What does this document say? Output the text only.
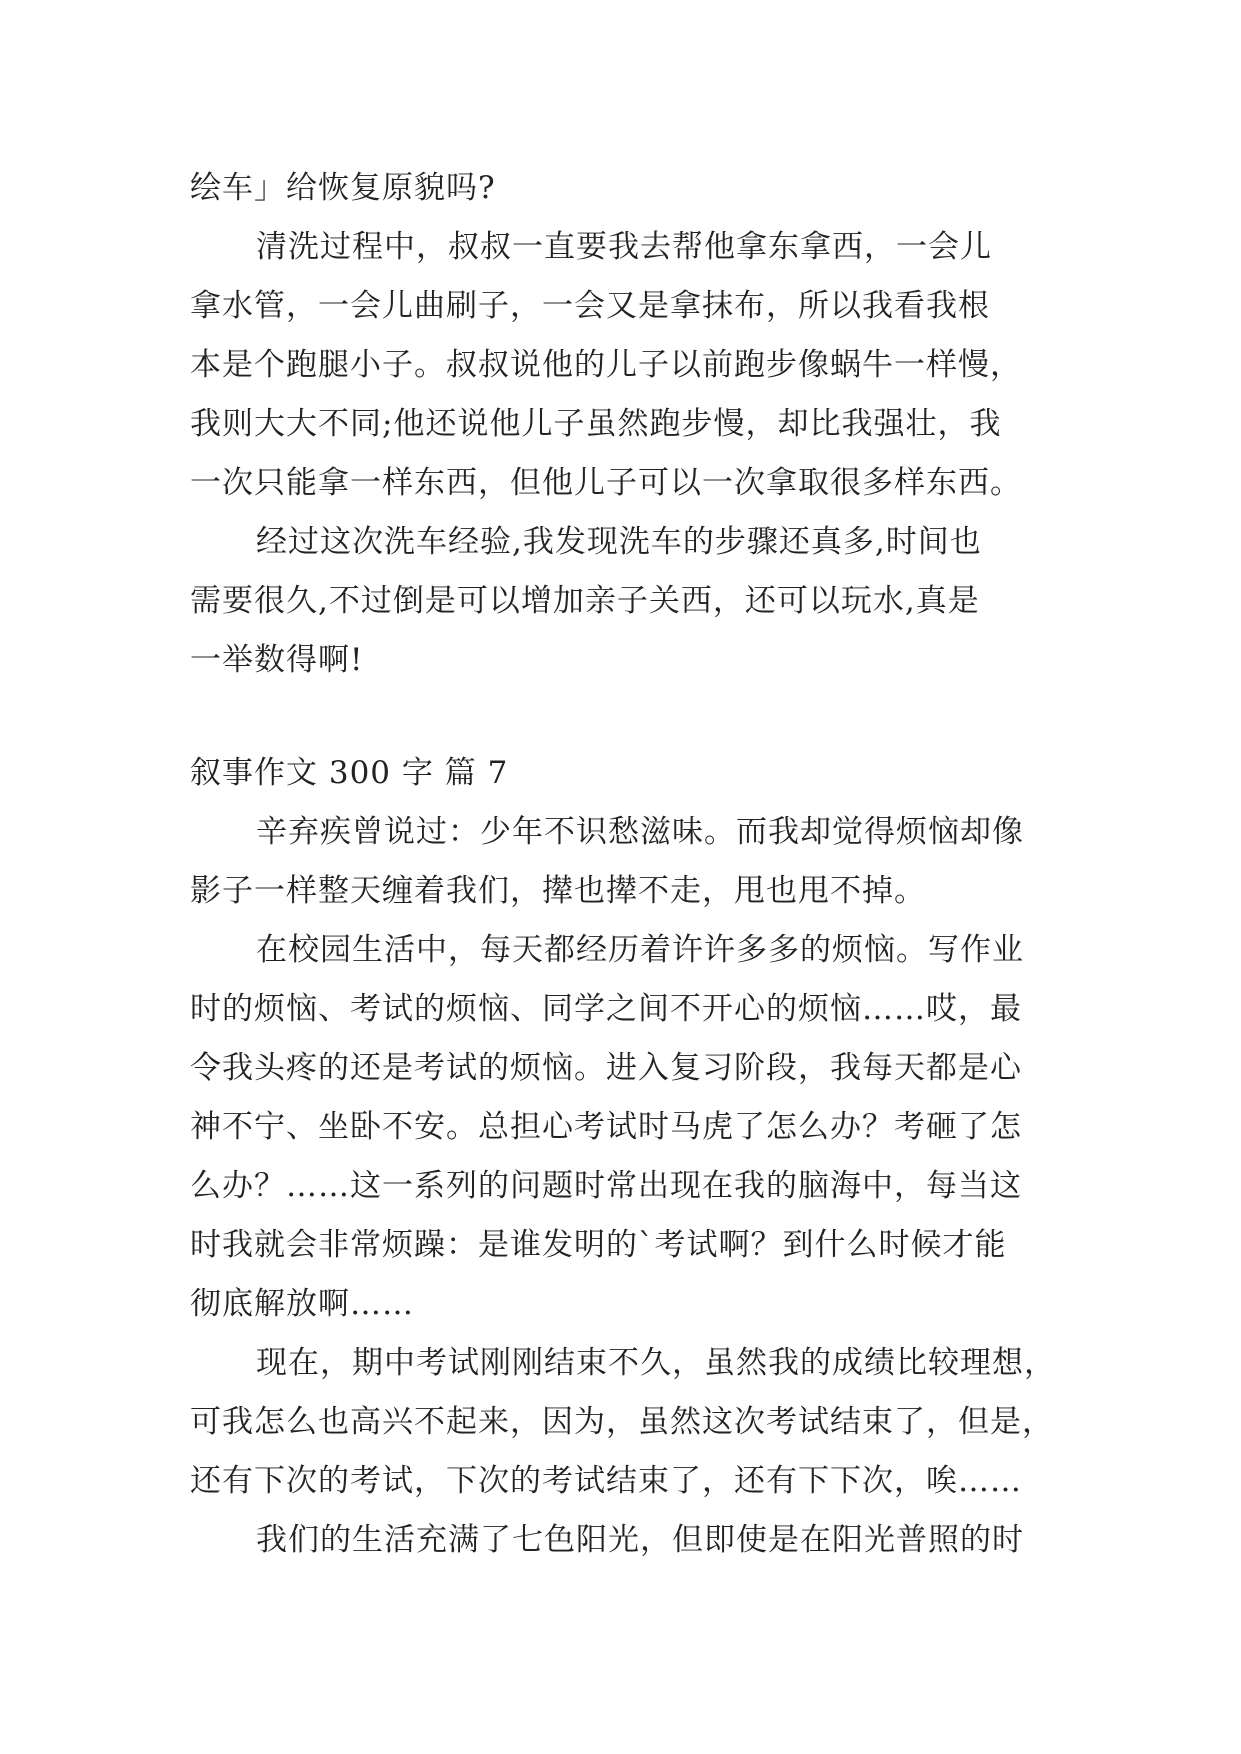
绘车」给恢复原貌吗?
清洗过程中，叔叔一直要我去帮他拿东拿西，一会儿
拿水管，一会儿曲刷子，一会又是拿抹布，所以我看我根
本是个跑腿小子。叔叔说他的儿子以前跑步像蜗牛一样慢，
我则大大不同;他还说他儿子虽然跑步慢，却比我强壮，我
一次只能拿一样东西，但他儿子可以一次拿取很多样东西。
经过这次洗车经验,我发现洗车的步骤还真多,时间也
需要很久,不过倒是可以增加亲子关西，还可以玩水,真是
一举数得啊!
叙事作文 300 字 篇 7
辛弃疾曾说过：少年不识愁滋味。而我却觉得烦恼却像
影子一样整天缠着我们，撵也撵不走，甩也甩不掉。
在校园生活中，每天都经历着许许多多的烦恼。写作业
时的烦恼、考试的烦恼、同学之间不开心的烦恼……哎，最
令我头疼的还是考试的烦恼。进入复习阶段，我每天都是心
神不宁、坐卧不安。总担心考试时马虎了怎么办？考砸了怎
么办？……这一系列的问题时常出现在我的脑海中，每当这
时我就会非常烦躁：是谁发明的`考试啊？到什么时候才能
彻底解放啊……
现在，期中考试刚刚结束不久，虽然我的成绩比较理想，
可我怎么也高兴不起来，因为，虽然这次考试结束了，但是，
还有下次的考试，下次的考试结束了，还有下下次，唉……
我们的生活充满了七色阳光，但即使是在阳光普照的时
